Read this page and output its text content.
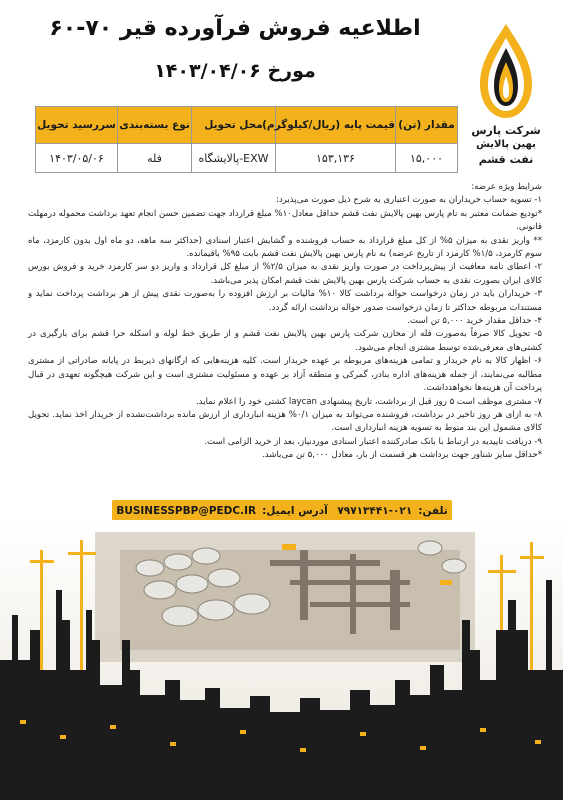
شرکت پارس
بهین پالایش
نفت قشم
اطلاعیه فروش فرآورده قیر ۷۰-۶۰
مورخ ۱۴۰۳/۰۴/۰۶
مقدار (تن)	قیمت پایه (ریال/کیلوگرم)	محل تحویل	نوع بسته‌بندی	سررسید تحویل
۱۵,۰۰۰	۱۵۳,۱۳۶	EXW-پالایشگاه	فله	۱۴۰۳/۰۵/۰۶

شرایط ویژه عرضه:

۱- تسویه حساب خریداران به صورت اعتباری به شرح ذیل صورت می‌پذیرد:

*تودیع ضمانت معتبر به نام پارس بهین پالایش نفت قشم حداقل معادل۱۰% مبلغ قرارداد جهت تضمین حسن انجام تعهد برداشت محموله درمهلت قانونی.

** واریز نقدی به میزان ۵% از کل مبلغ قرارداد به حساب فروشنده و گشایش اعتبار اسنادی (حداکثر سه ماهه، دو ماه اول بدون کارمزد، ماه سوم کارمزد، ۱/۵% کارمزد از تاریخ عرضه) به نام پارس بهین پالایش نفت قشم بابت ۹۵% باقیمانده.

۲- اعطای نامه معافیت از پیش‌پرداخت در صورت واریز نقدی به میزان ۲/۵% از مبلغ کل قرارداد و واریز دو سر کارمزد خرید و فروش بورس کالای ایران بصورت نقدی به حساب شرکت پارس بهین پالایش نفت قشم امکان پذیر می‌باشد.

۳- خریداران باید در زمان درخواست حواله برداشت کالا ۱۰% مالیات بر ارزش افزوده را به‌صورت نقدی پیش از هر برداشت پرداخت نماید و مستندات مربوطه حداکثر تا زمان درخواست صدور حواله برداشت ارائه گردد.

۴- حداقل مقدار خرید ۵,۰۰۰ تن است.

۵- تحویل کالا صرفاً به‌صورت فله از مخازن شرکت پارس بهین پالایش نفت قشم و از طریق خط لوله و اسکله حرا قشم برای بارگیری در کشتی‌های معرفی‌شده توسط مشتری انجام می‌شود.

۶- اظهار کالا به نام خریدار و تمامی هزینه‌های مربوطه بر عهده خریدار است. کلیه هزینه‌هایی که ارگانهای ذیربط در پایانه صادراتی از مشتری مطالبه می‌نمایند، از جمله هزینه‌های اداره بنادر، گمرکی و منطقه آزاد بر عهده و مسئولیت مشتری است و این شرکت هیچگونه تعهدی در قبال پرداخت آن هزینه‌ها نخواهدداشت.

۷- مشتری موظف است ۵ روز قبل از برداشت، تاریخ پیشنهادی laycan کشتی خود را اعلام نماید.

۸- به ازای هر روز تاخیر در برداشت، فروشنده می‌تواند به میزان ۰/۱% هزینه انبارداری از ارزش مانده برداشت‌نشده از خریدار اخذ نماید. تحویل کالای مشمول این بند منوط به تسویه هزینه انبارداری است.

۹- دریافت تاییدیه در ارتباط با بانک صادرکننده اعتبار اسنادی موردنیاز، بعد از خرید الزامی است.

*حداقل سایز شناور جهت برداشت هر قسمت از بار، معادل ۵,۰۰۰ تن می‌باشد.

تلفن:۰۲۱-۷۹۷۱۳۴۴۱ آدرس ایمیل:BUSINESSPBP@PEDC.IR
